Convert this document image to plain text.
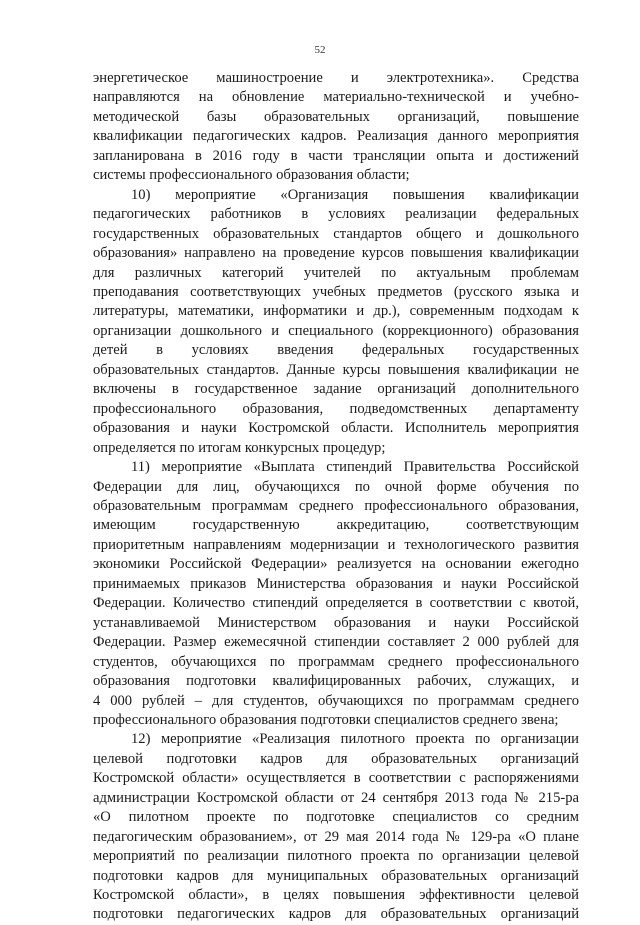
52

энергетическое машиностроение и электротехника». Средства
направляются на обновление материально-технической и учебно-
методической базы образовательных организаций, повышение
квалификации педагогических кадров. Реализация данного мероприятия
запланирована в 2016 году в части трансляции опыта и достижений
системы профессионального образования области;

10) мероприятие «Организация повышения квалификации
педагогических работников в условиях реализации федеральных
государственных образовательных стандартов общего и дошкольного
образования» направлено на проведение курсов повышения квалификации
для различных категорий учителей по актуальным проблемам
преподавания соответствующих учебных предметов (русского языка и
литературы, математики, информатики и др.), современным подходам к
организации дошкольного и специального (коррекционного) образования
детей в условиях введения федеральных государственных
образовательных стандартов. Данные курсы повышения квалификации не
включены в государственное задание организаций дополнительного
профессионального образования, подведомственных департаменту
образования и науки Костромской области. Исполнитель мероприятия
определяется по итогам конкурсных процедур;

11) мероприятие «Выплата стипендий Правительства Российской
Федерации для лиц, обучающихся по очной форме обучения по
образовательным программам среднего профессионального образования,
имеющим государственную аккредитацию, соответствующим
приоритетным направлениям модернизации и технологического развития
экономики Российской Федерации» реализуется на основании ежегодно
принимаемых приказов Министерства образования и науки Российской
Федерации. Количество стипендий определяется в соответствии с квотой,
устанавливаемой Министерством образования и науки Российской
Федерации. Размер ежемесячной стипендии составляет 2 000 рублей для
студентов, обучающихся по программам среднего профессионального
образования подготовки квалифицированных рабочих, служащих, и
4 000 рублей – для студентов, обучающихся по программам среднего
профессионального образования подготовки специалистов среднего звена;

12) мероприятие «Реализация пилотного проекта по организации
целевой подготовки кадров для образовательных организаций
Костромской области» осуществляется в соответствии с распоряжениями
администрации Костромской области от 24 сентября 2013 года № 215-ра
«О пилотном проекте по подготовке специалистов со средним
педагогическим образованием», от 29 мая 2014 года № 129-ра «О плане
мероприятий по реализации пилотного проекта по организации целевой
подготовки кадров для муниципальных образовательных организаций
Костромской области», в целях повышения эффективности целевой
подготовки педагогических кадров для образовательных организаций
